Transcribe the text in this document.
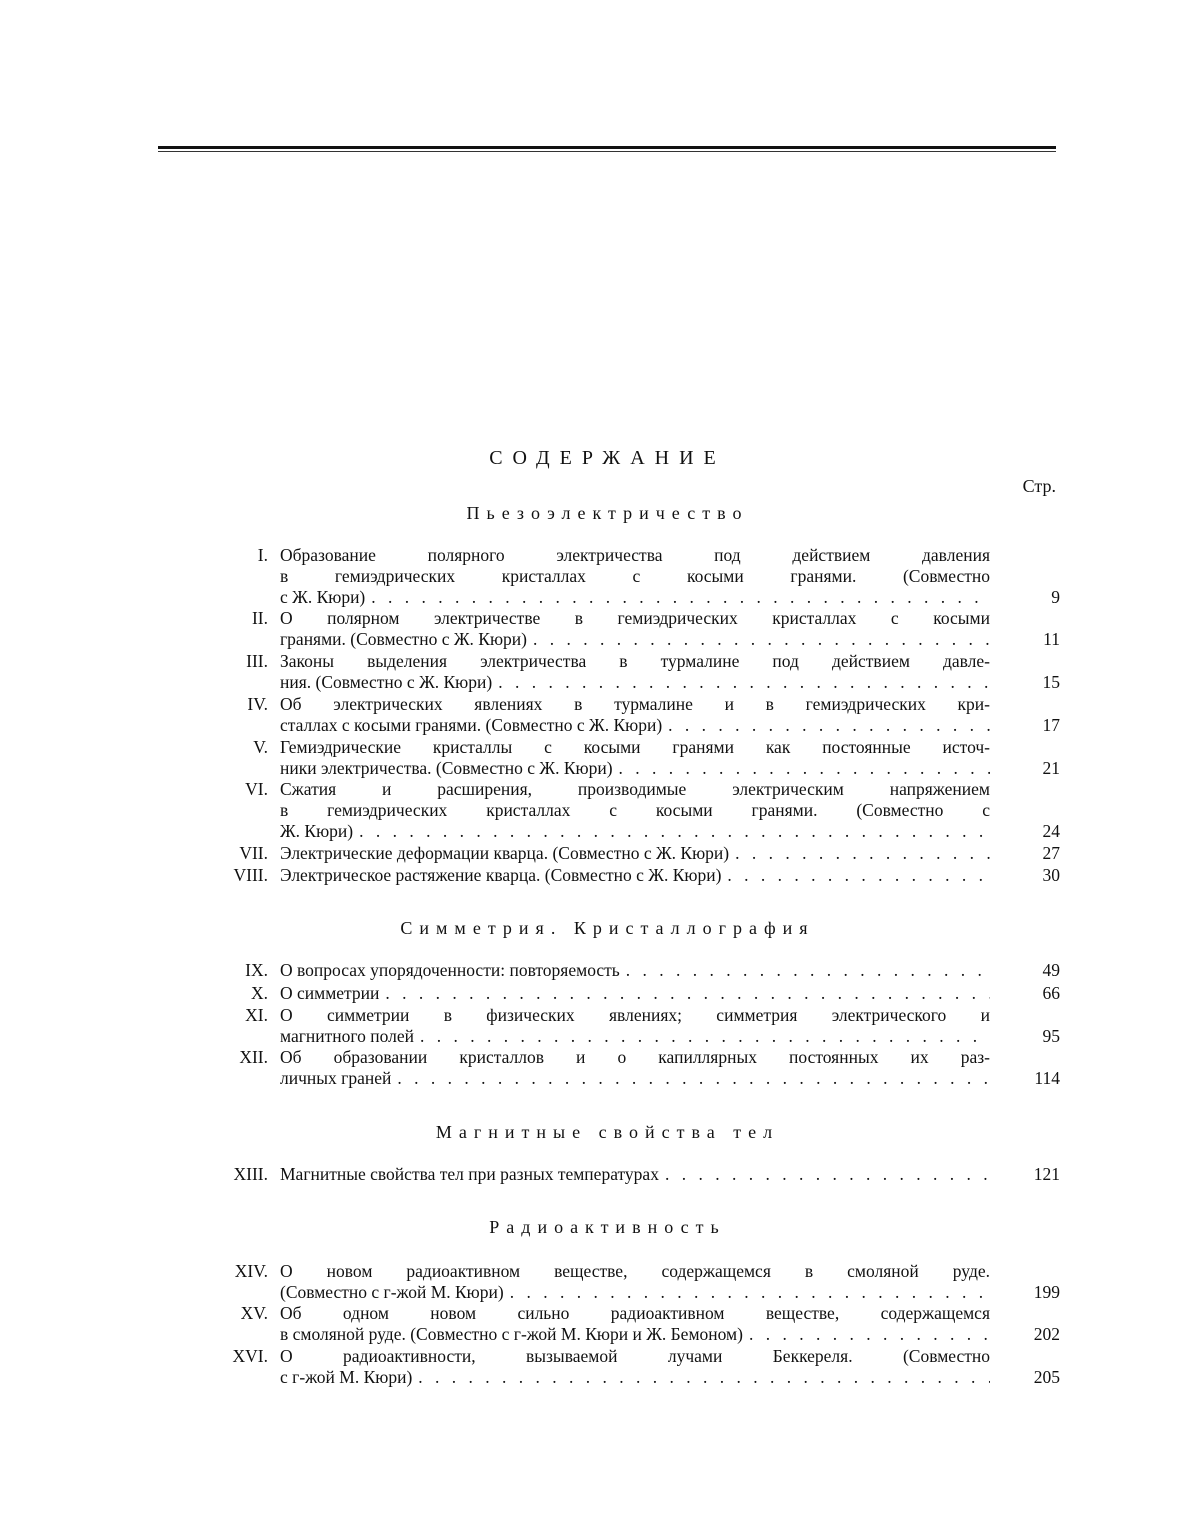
СОДЕРЖАНИЕ
Стр.
Пьезоэлектричество
I. Образование полярного электричества под действием давления
в гемиэдрических кристаллах с косыми гранями. (Совместно
с Ж. Кюри)
. . .	9
II. О полярном электричестве в гемиэдрических кристаллах с косыми
гранями. (Совместно с Ж. Кюри)
. . .	11
III. Законы выделения электричества в турмалине под действием давле-
ния. (Совместно с Ж. Кюри)
. . .	15
IV. Об электрических явлениях в турмалине и в гемиэдрических кри-
сталлах с косыми гранями. (Совместно с Ж. Кюри)
. . .	17
V. Гемиэдрические кристаллы с косыми гранями как постоянные источ-
ники электричества. (Совместно с Ж. Кюри)
. . .	21
VI. Сжатия и расширения, производимые электрическим напряжением
в гемиэдрических кристаллах с косыми гранями. (Совместно с
Ж. Кюри)
. . .	24
VII. Электрические деформации кварца. (Совместно с Ж. Кюри)
. . .	27
VIII. Электрическое растяжение кварца. (Совместно с Ж. Кюри)
. . .	30
Симметрия. Кристаллография
IX. О вопросах упорядоченности: повторяемость
. . .	49
X. О симметрии
. . .	66
XI. О симметрии в физических явлениях; симметрия электрического и
магнитного полей
. . .	95
XII. Об образовании кристаллов и о капиллярных постоянных их раз-
личных граней
. . .	114
Магнитные свойства тел
XIII. Магнитные свойства тел при разных температурах
. . .	121
Радиоактивность
XIV. О новом радиоактивном веществе, содержащемся в смоляной руде.
(Совместно с г-жой М. Кюри)
. . .	199
XV. Об одном новом сильно радиоактивном веществе, содержащемся
в смоляной руде. (Совместно с г-жой М. Кюри и Ж. Бемоном)
. . .	202
XVI. О радиоактивности, вызываемой лучами Беккереля. (Совместно
с г-жой М. Кюри)
. . .	205
